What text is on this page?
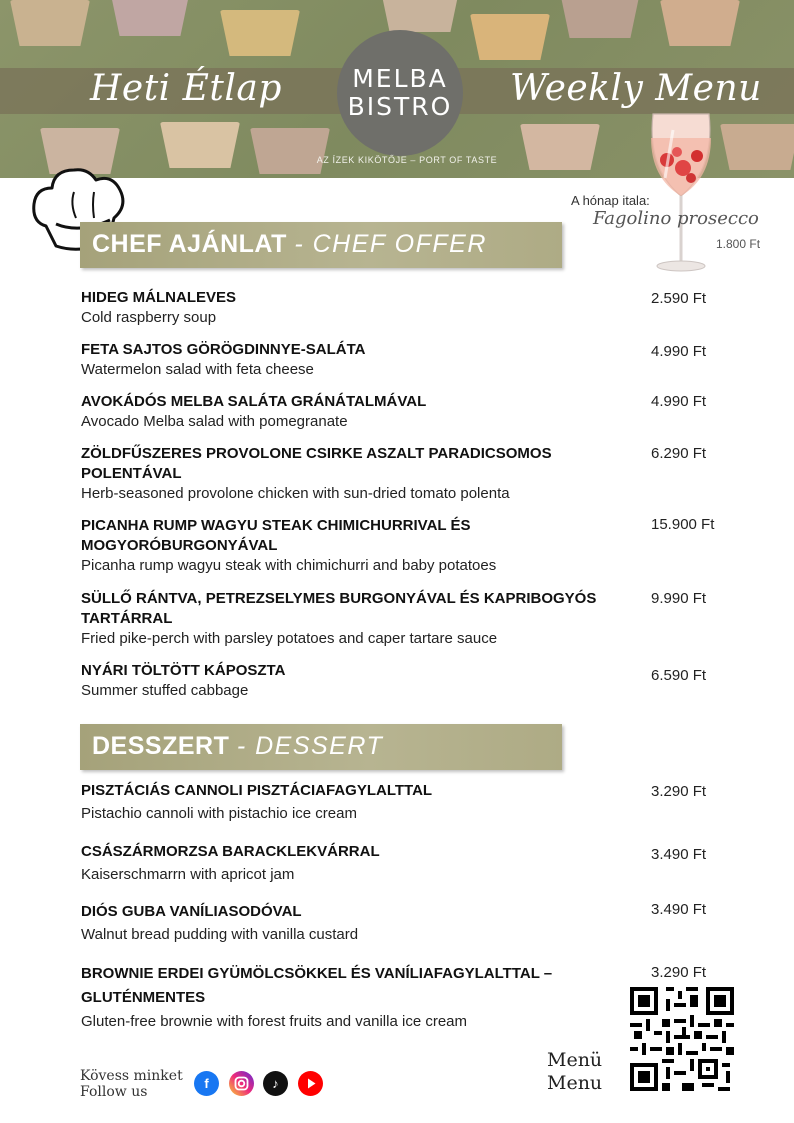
Heti Étlap	Weekly Menu
MELBA
BISTRO
AZ ÍZEK KIKÖTŐJE – PORT OF TASTE
A hónap itala:
Fagolino prosecco
1.800 Ft
CHEF AJÁNLAT - CHEF OFFER
HIDEG MÁLNALEVES
Cold raspberry soup
2.590 Ft
FETA SAJTOS GÖRÖGDINNYE-SALÁTA
Watermelon salad with feta cheese
4.990 Ft
AVOKÁDÓS MELBA SALÁTA GRÁNÁTALMÁVAL
Avocado Melba salad with pomegranate
4.990 Ft
ZÖLDFŰSZERES PROVOLONE CSIRKE ASZALT PARADICSOMOS POLENTÁVAL
Herb-seasoned provolone chicken with sun-dried tomato polenta
6.290 Ft
PICANHA RUMP WAGYU STEAK CHIMICHURRIVAL ÉS MOGYORÓBURGONYÁVAL
Picanha rump wagyu steak with chimichurri and baby potatoes
15.900 Ft
SÜLLŐ RÁNTVA, PETREZSELYMES BURGONYÁVAL ÉS KAPRIBOGYÓS TARTÁRRAL
Fried pike-perch with parsley potatoes and caper tartare sauce
9.990 Ft
NYÁRI TÖLTÖTT KÁPOSZTA
Summer stuffed cabbage
6.590 Ft
DESSZERT - DESSERT
PISZTÁCIÁS CANNOLI PISZTÁCIAFAGYLALTTAL
Pistachio cannoli with pistachio ice cream
3.290 Ft
CSÁSZÁRMORZSA BARACKLEKVÁRRAL
Kaiserschmarrn with apricot jam
3.490 Ft
DIÓS GUBA VANÍLIASODÓVAL
Walnut bread pudding with vanilla custard
3.490 Ft
BROWNIE ERDEI GYÜMÖLCSÖKKEL ÉS VANÍLIAFAGYLALTTAL – GLUTÉNMENTES
Gluten-free brownie with forest fruits and vanilla ice cream
3.290 Ft
Kövess minket
Follow us
f	♪
Menü
Menu
